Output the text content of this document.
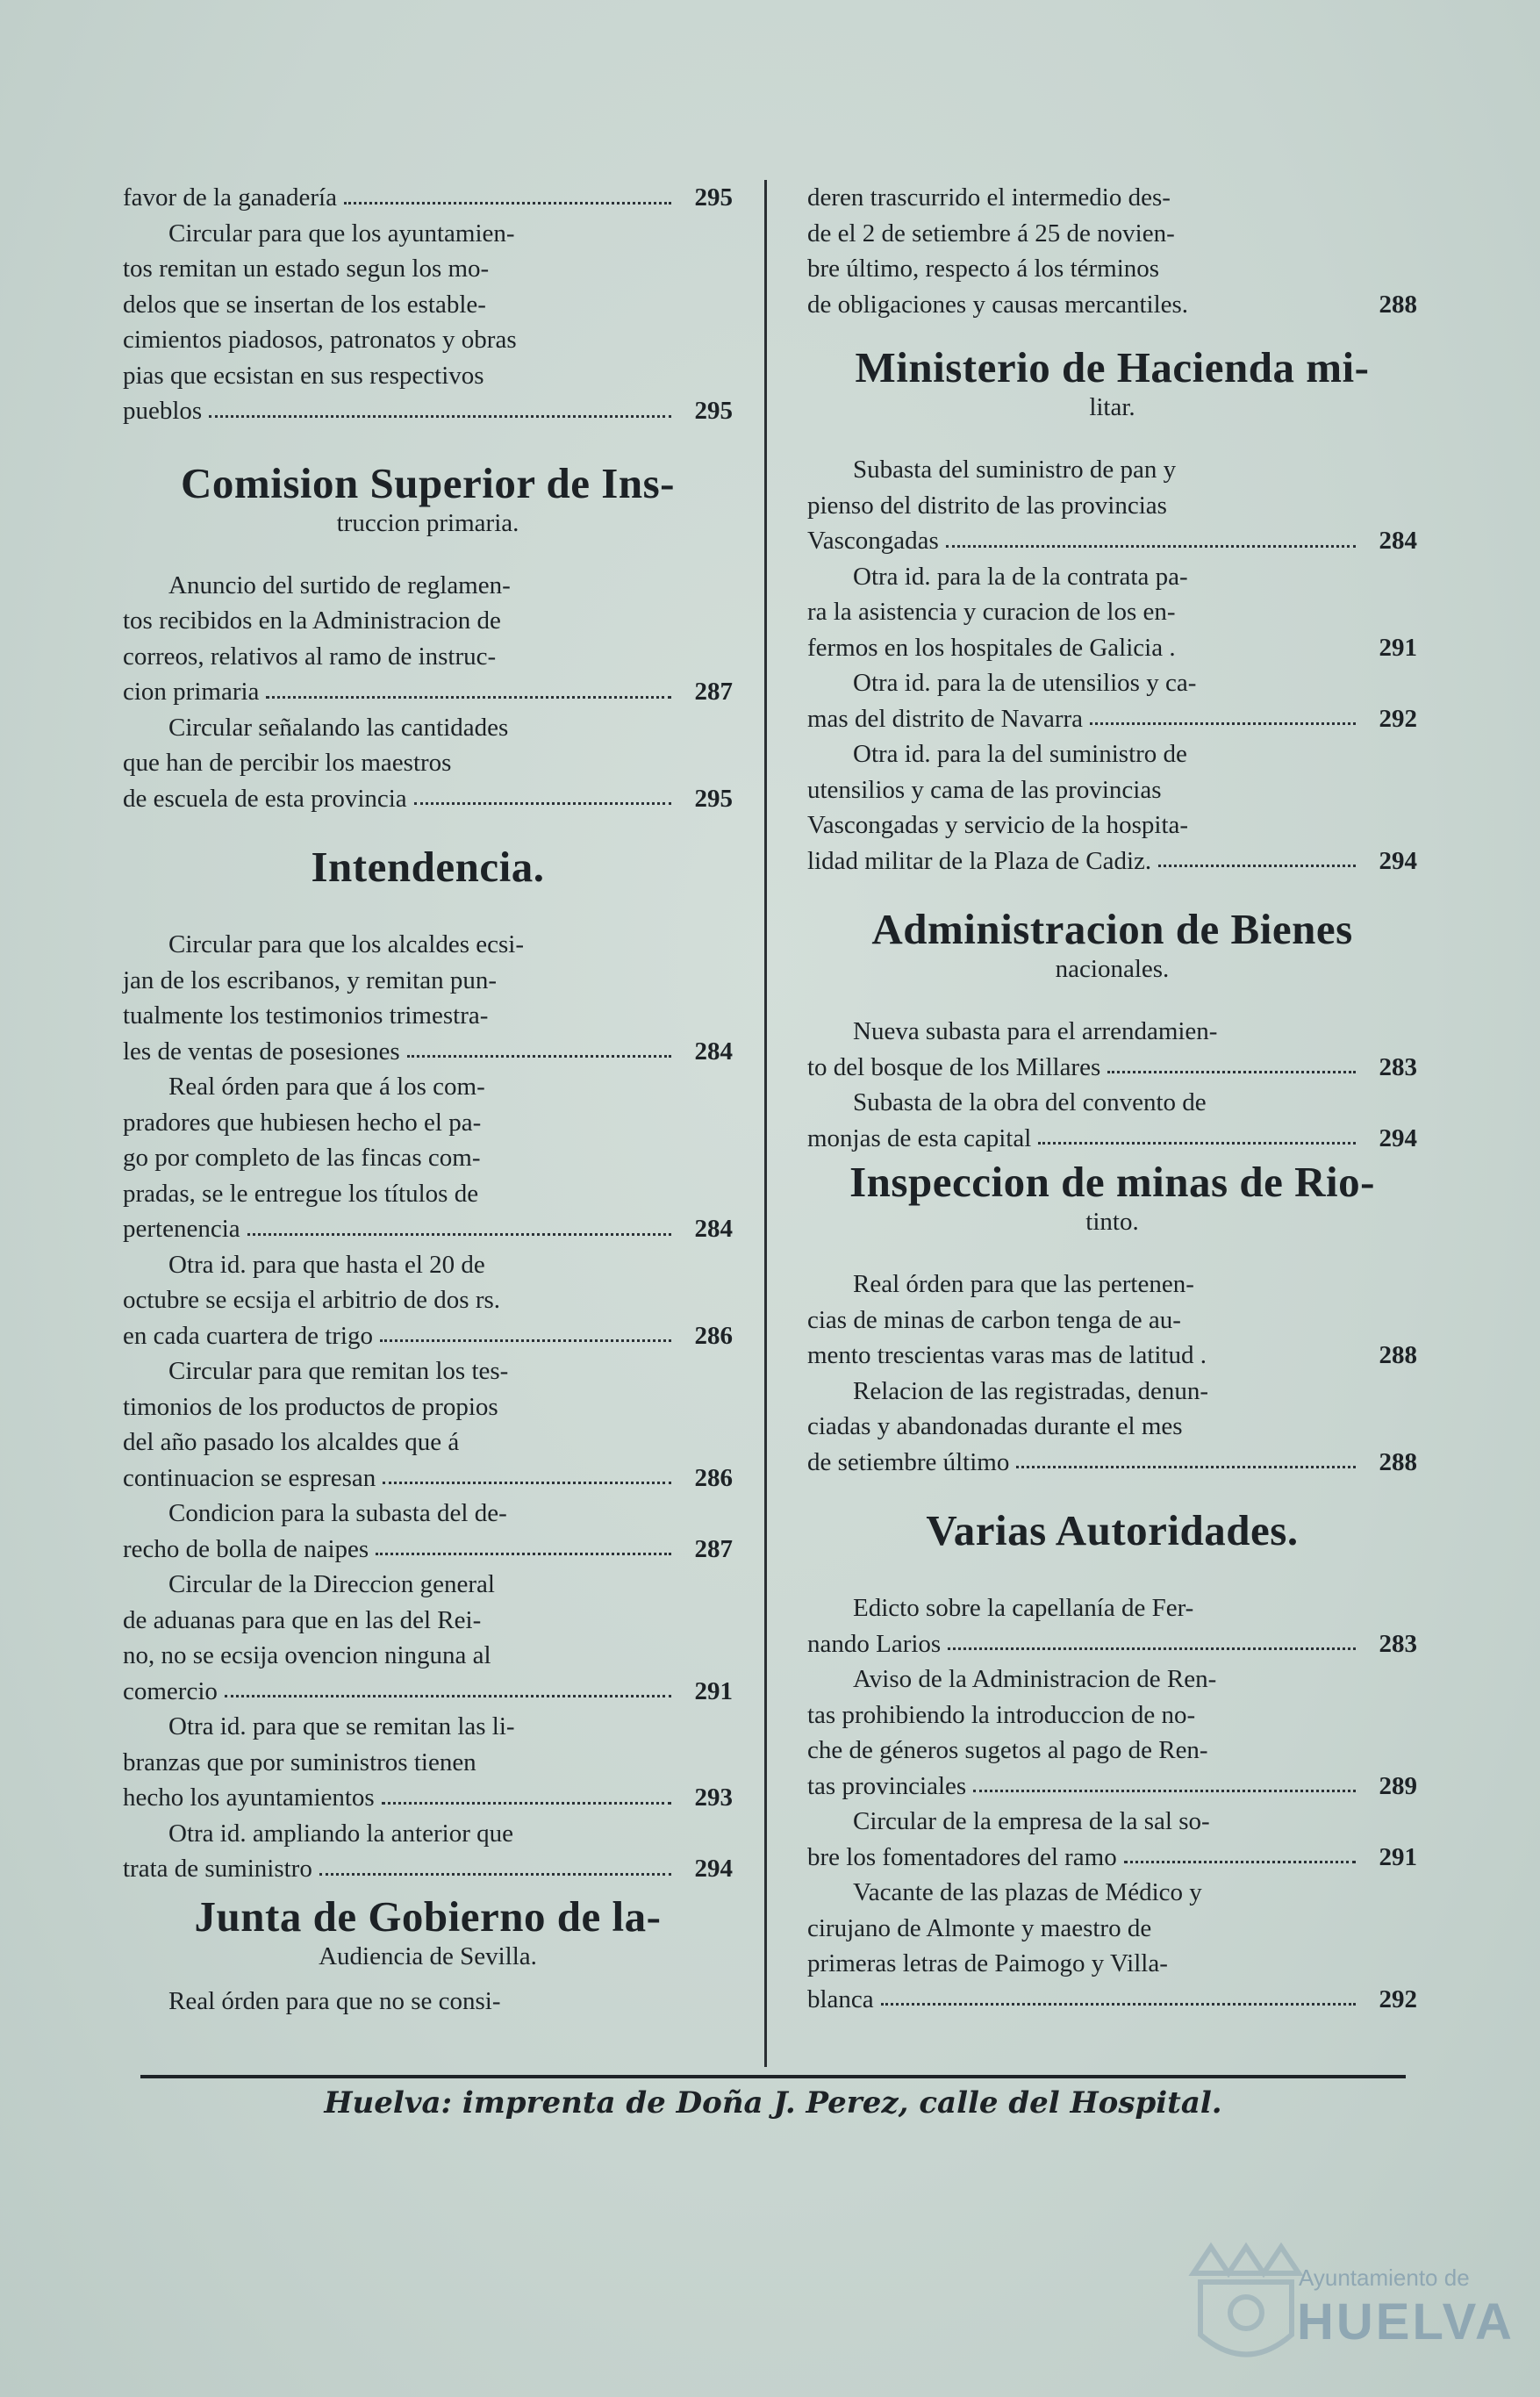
favor de la ganadería	295
Circular para que los ayuntamien-
tos remitan un estado segun los mo-
delos que se insertan de los estable-
cimientos piadosos, patronatos y obras
pias que ecsistan en sus respectivos
pueblos	295
Comision Superior de Ins-
truccion primaria.
Anuncio del surtido de reglamen-
tos recibidos en la Administracion de
correos, relativos al ramo de instruc-
cion primaria	287
Circular señalando las cantidades
que han de percibir los maestros
de escuela de esta provincia	295
Intendencia.
Circular para que los alcaldes ecsi-
jan de los escribanos, y remitan pun-
tualmente los testimonios trimestra-
les de ventas de posesiones	284
Real órden para que á los com-
pradores que hubiesen hecho el pa-
go por completo de las fincas com-
pradas, se le entregue los títulos de
pertenencia	284
Otra id. para que hasta el 20 de
octubre se ecsija el arbitrio de dos rs.
en cada cuartera de trigo	286
Circular para que remitan los tes-
timonios de los productos de propios
del año pasado los alcaldes que á
continuacion se espresan	286
Condicion para la subasta del de-
recho de bolla de naipes	287
Circular de la Direccion general
de aduanas para que en las del Rei-
no, no se ecsija ovencion ninguna al
comercio	291
Otra id. para que se remitan las li-
branzas que por suministros tienen
hecho los ayuntamientos	293
Otra id. ampliando la anterior que
trata de suministro	294
Junta de Gobierno de la-
Audiencia de Sevilla.
Real órden para que no se consi-
deren trascurrido el intermedio des-
de el 2 de setiembre á 25 de novien-
bre último, respecto á los términos
de obligaciones y causas mercantiles.	288
Ministerio de Hacienda mi-
litar.
Subasta del suministro de pan y
pienso del distrito de las provincias
Vascongadas	284
Otra id. para la de la contrata pa-
ra la asistencia y curacion de los en-
fermos en los hospitales de Galicia .	291
Otra id. para la de utensilios y ca-
mas del distrito de Navarra	292
Otra id. para la del suministro de
utensilios y cama de las provincias
Vascongadas y servicio de la hospita-
lidad militar de la Plaza de Cadiz.	294
Administracion de Bienes
nacionales.
Nueva subasta para el arrendamien-
to del bosque de los Millares	283
Subasta de la obra del convento de
monjas de esta capital	294
Inspeccion de minas de Rio-
tinto.
Real órden para que las pertenen-
cias de minas de carbon tenga de au-
mento trescientas varas mas de latitud .	288
Relacion de las registradas, denun-
ciadas y abandonadas durante el mes
de setiembre último	288
Varias Autoridades.
Edicto sobre la capellanía de Fer-
nando Larios	283
Aviso de la Administracion de Ren-
tas prohibiendo la introduccion de no-
che de géneros sugetos al pago de Ren-
tas provinciales	289
Circular de la empresa de la sal so-
bre los fomentadores del ramo	291
Vacante de las plazas de Médico y
cirujano de Almonte y maestro de
primeras letras de Paimogo y Villa-
blanca	292
Huelva: imprenta de Doña J. Perez, calle del Hospital.
Ayuntamiento de
HUELVA
